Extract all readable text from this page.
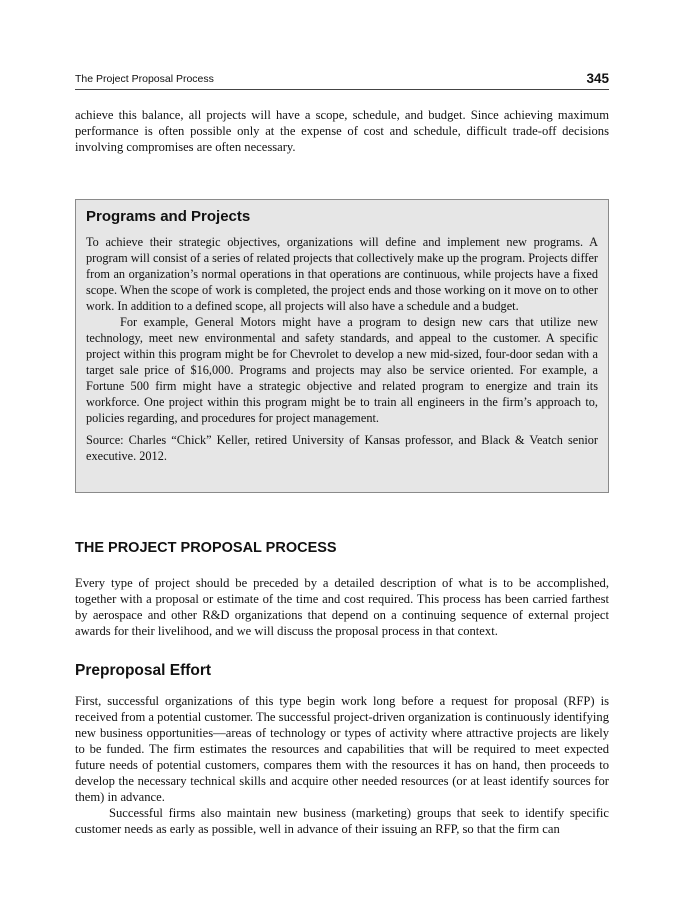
The Project Proposal Process	345

achieve this balance, all projects will have a scope, schedule, and budget. Since achieving maximum performance is often possible only at the expense of cost and schedule, difficult trade-off decisions involving compromises are often necessary.

Programs and Projects

To achieve their strategic objectives, organizations will define and implement new programs. A program will consist of a series of related projects that collectively make up the program. Projects differ from an organization’s normal operations in that operations are continuous, while projects have a fixed scope. When the scope of work is completed, the project ends and those working on it move on to other work. In addition to a defined scope, all projects will also have a schedule and a budget.

For example, General Motors might have a program to design new cars that utilize new technology, meet new environmental and safety standards, and appeal to the customer. A specific project within this program might be for Chevrolet to develop a new mid-sized, four-door sedan with a target sale price of $16,000. Programs and projects may also be service oriented. For example, a Fortune 500 firm might have a strategic objective and related program to energize and train its workforce. One project within this program might be to train all engineers in the firm’s approach to, policies regarding, and procedures for project management.

Source: Charles “Chick” Keller, retired University of Kansas professor, and Black & Veatch senior executive. 2012.

THE PROJECT PROPOSAL PROCESS

Every type of project should be preceded by a detailed description of what is to be accomplished, together with a proposal or estimate of the time and cost required. This process has been carried farthest by aerospace and other R&D organizations that depend on a continuing sequence of external project awards for their livelihood, and we will discuss the proposal process in that context.

Preproposal Effort

First, successful organizations of this type begin work long before a request for proposal (RFP) is received from a potential customer. The successful project-driven organization is continuously identifying new business opportunities—areas of technology or types of activity where attractive projects are likely to be funded. The firm estimates the resources and capabilities that will be required to meet expected future needs of potential customers, compares them with the resources it has on hand, then proceeds to develop the necessary technical skills and acquire other needed resources (or at least identify sources for them) in advance.

Successful firms also maintain new business (marketing) groups that seek to identify specific customer needs as early as possible, well in advance of their issuing an RFP, so that the firm can
